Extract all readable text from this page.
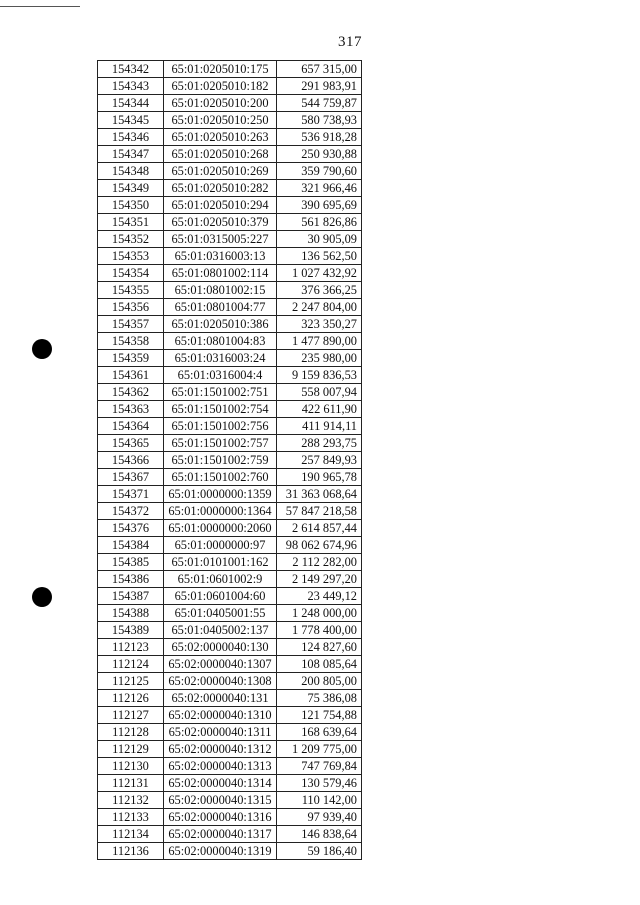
317
154342	65:01:0205010:175	657 315,00
154343	65:01:0205010:182	291 983,91
154344	65:01:0205010:200	544 759,87
154345	65:01:0205010:250	580 738,93
154346	65:01:0205010:263	536 918,28
154347	65:01:0205010:268	250 930,88
154348	65:01:0205010:269	359 790,60
154349	65:01:0205010:282	321 966,46
154350	65:01:0205010:294	390 695,69
154351	65:01:0205010:379	561 826,86
154352	65:01:0315005:227	30 905,09
154353	65:01:0316003:13	136 562,50
154354	65:01:0801002:114	1 027 432,92
154355	65:01:0801002:15	376 366,25
154356	65:01:0801004:77	2 247 804,00
154357	65:01:0205010:386	323 350,27
154358	65:01:0801004:83	1 477 890,00
154359	65:01:0316003:24	235 980,00
154361	65:01:0316004:4	9 159 836,53
154362	65:01:1501002:751	558 007,94
154363	65:01:1501002:754	422 611,90
154364	65:01:1501002:756	411 914,11
154365	65:01:1501002:757	288 293,75
154366	65:01:1501002:759	257 849,93
154367	65:01:1501002:760	190 965,78
154371	65:01:0000000:1359	31 363 068,64
154372	65:01:0000000:1364	57 847 218,58
154376	65:01:0000000:2060	2 614 857,44
154384	65:01:0000000:97	98 062 674,96
154385	65:01:0101001:162	2 112 282,00
154386	65:01:0601002:9	2 149 297,20
154387	65:01:0601004:60	23 449,12
154388	65:01:0405001:55	1 248 000,00
154389	65:01:0405002:137	1 778 400,00
112123	65:02:0000040:130	124 827,60
112124	65:02:0000040:1307	108 085,64
112125	65:02:0000040:1308	200 805,00
112126	65:02:0000040:131	75 386,08
112127	65:02:0000040:1310	121 754,88
112128	65:02:0000040:1311	168 639,64
112129	65:02:0000040:1312	1 209 775,00
112130	65:02:0000040:1313	747 769,84
112131	65:02:0000040:1314	130 579,46
112132	65:02:0000040:1315	110 142,00
112133	65:02:0000040:1316	97 939,40
112134	65:02:0000040:1317	146 838,64
112136	65:02:0000040:1319	59 186,40
